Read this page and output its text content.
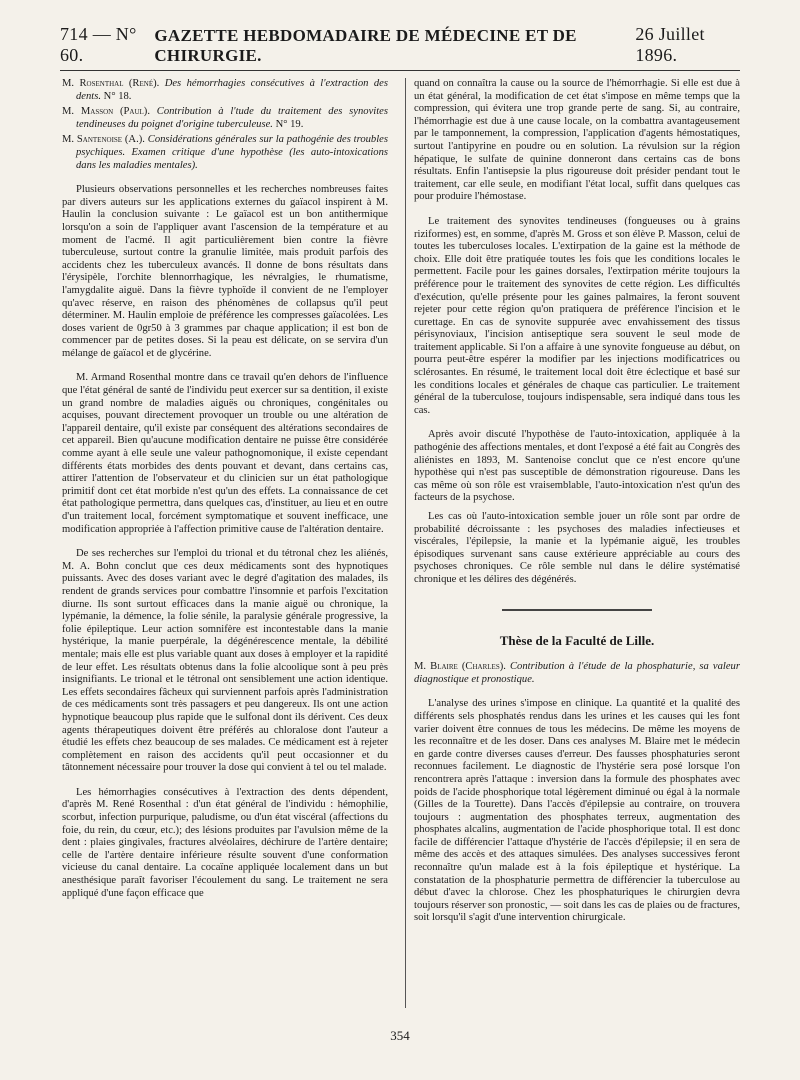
714 — N° 60.
GAZETTE HEBDOMADAIRE DE MÉDECINE ET DE CHIRURGIE.
26 Juillet 1896.

M. Rosenthal (René). Des hémorrhagies consécutives à l'extraction des dents. N° 18.

M. Masson (Paul). Contribution à l'tude du traitement des synovites tendineuses du poignet d'origine tuberculeuse. N° 19.

M. Santenoise (A.). Considérations générales sur la pathogénie des troubles psychiques. Examen critique d'une hypothèse (les auto-intoxications dans les maladies mentales).

Plusieurs observations personnelles et les recherches nombreuses faites par divers auteurs sur les applications externes du gaïacol inspirent à M. Haulin la conclusion suivante : Le gaïacol est un bon antithermique lorsqu'on a soin de l'appliquer avant l'ascension de la température et au moment de l'acmé. Il agit particulièrement bien contre la fièvre tuberculeuse, surtout contre la granulie limitée, mais produit parfois des accidents chez les tuberculeux avancés. Il donne de bons résultats dans l'érysipèle, l'orchite blennorrhagique, les névralgies, le rhumatisme, l'amygdalite aiguë. Dans la fièvre typhoïde il convient de ne l'employer qu'avec réserve, en raison des phénomènes de collapsus qu'il peut déterminer. M. Haulin emploie de préférence les compresses gaïacolées. Les doses varient de 0gr50 à 3 grammes par chaque application; il est bon de commencer par de petites doses. Si la peau est délicate, on se servira d'un mélange de gaïacol et de glycérine.

M. Armand Rosenthal montre dans ce travail qu'en dehors de l'influence que l'état général de santé de l'individu peut exercer sur sa dentition, il existe un grand nombre de maladies aiguës ou chroniques, congénitales ou acquises, pouvant directement provoquer un trouble ou une altération de l'appareil dentaire, qu'il existe par conséquent des altérations secondaires de cet appareil. Bien qu'aucune modification dentaire ne puisse être considérée comme ayant à elle seule une valeur pathognomonique, il existe cependant différents états morbides des dents pouvant et devant, dans certains cas, attirer l'attention de l'observateur et du clinicien sur un état pathologique primitif dont cet état morbide n'est qu'un des effets. La connaissance de cet état pathologique permettra, dans quelques cas, d'instituer, au lieu et en outre d'un traitement local, forcément symptomatique et souvent inefficace, une modification appropriée à l'affection primitive cause de l'altération dentaire.

De ses recherches sur l'emploi du trional et du tétronal chez les aliénés, M. A. Bohn conclut que ces deux médicaments sont des hypnotiques puissants. Avec des doses variant avec le degré d'agitation des malades, ils rendent de grands services pour combattre l'insomnie et parfois l'excitation diurne. Ils sont surtout efficaces dans la manie aiguë ou chronique, la lypémanie, la démence, la folie sénile, la paralysie générale progressive, la folie épileptique. Leur action somnifère est incontestable dans la manie hystérique, la manie puerpérale, la dégénérescence mentale, la débilité mentale; mais elle est plus variable quant aux doses à employer et la rapidité de leur effet. Les résultats obtenus dans la folie alcoolique sont à peu près insignifiants. Le trional et le tétronal ont sensiblement une action identique. Les effets secondaires fâcheux qui surviennent parfois après l'administration de ces médicaments sont très passagers et peu dangereux. Ils ont une action hypnotique beaucoup plus rapide que le sulfonal dont ils dérivent. Ces deux agents thérapeutiques doivent être préférés au chloralose dont l'auteur a étudié les effets chez beaucoup de ses malades. Ce médicament est à rejeter complètement en raison des accidents qu'il peut occasionner et du tâtonnement nécessaire pour trouver la dose qui convient à tel ou tel malade.

Les hémorrhagies consécutives à l'extraction des dents dépendent, d'après M. René Rosenthal : d'un état général de l'individu : hémophilie, scorbut, infection purpurique, paludisme, ou d'un état viscéral (affections du foie, du rein, du cœur, etc.); des lésions produites par l'avulsion même de la dent : plaies gingivales, fractures alvéolaires, déchirure de l'artère dentaire; celle de l'artère dentaire inférieure résulte souvent d'une conformation vicieuse du canal dentaire. La cocaïne appliquée localement dans un but anesthésique paraît favoriser l'écoulement du sang. Le traitement ne sera appliqué d'une façon efficace que

quand on connaîtra la cause ou la source de l'hémorrhagie. Si elle est due à un état général, la modification de cet état s'impose en même temps que la compression, qui évitera une trop grande perte de sang. Si, au contraire, l'hémorrhagie est due à une cause locale, on la combattra avantageusement par le tamponnement, la compression, l'application d'agents hémostatiques, surtout l'antipyrine en poudre ou en solution. La révulsion sur la région hépatique, le sulfate de quinine donneront dans certains cas de bons résultats. Enfin l'antisepsie la plus rigoureuse doit présider pendant tout le traitement, car elle seule, en modifiant l'état local, suffit dans quelques cas pour produire l'hémostase.

Le traitement des synovites tendineuses (fongueuses ou à grains riziformes) est, en somme, d'après M. Gross et son élève P. Masson, celui de toutes les tuberculoses locales. L'extirpation de la gaine est la méthode de choix. Elle doit être pratiquée toutes les fois que les conditions locales le permettent. Facile pour les gaines dorsales, l'extirpation mérite toujours la préférence pour le traitement des synovites de cette région. Les difficultés d'exécution, qu'elle présente pour les gaines palmaires, la feront souvent rejeter pour cette région qu'on pratiquera de préférence l'incision et le curettage. En cas de synovite suppurée avec envahissement des tissus périsynoviaux, l'incision antiseptique sera souvent le seul mode de traitement applicable. Si l'on a affaire à une synovite fongueuse au début, on pourra peut-être espérer la modifier par les injections modificatrices ou sclérosantes. En résumé, le traitement local doit être éclectique et basé sur les conditions locales et générales de chaque cas particulier. Le traitement général de la tuberculose, toujours indispensable, sera indiqué dans tous les cas.

Après avoir discuté l'hypothèse de l'auto-intoxication, appliquée à la pathogénie des affections mentales, et dont l'exposé a été fait au Congrès des aliénistes en 1893, M. Santenoise conclut que ce n'est encore qu'une hypothèse qui n'est pas susceptible de démonstration rigoureuse. Dans les cas même où son rôle est vraisemblable, l'auto-intoxication n'est qu'un des facteurs de la psychose.

Les cas où l'auto-intoxication semble jouer un rôle sont par ordre de probabilité décroissante : les psychoses des maladies infectieuses et viscérales, l'épilepsie, la manie et la lypémanie aiguë, les troubles épisodiques survenant sans cause extérieure appréciable au cours des psychoses chroniques. Ce rôle semble nul dans le délire systématisé chronique et les délires des dégénérés.

Thèse de la Faculté de Lille.

M. Blaire (Charles). Contribution à l'étude de la phosphaturie, sa valeur diagnostique et pronostique.

L'analyse des urines s'impose en clinique. La quantité et la qualité des différents sels phosphatés rendus dans les urines et les causes qui les font varier doivent être connues de tous les médecins. De même les moyens de les reconnaître et de les doser. Dans ces analyses M. Blaire met le médecin en garde contre diverses causes d'erreur. Des fausses phosphaturies seront reconnues facilement. Le diagnostic de l'hystérie sera posé lorsque l'on rencontrera après l'attaque : inversion dans la formule des phosphates avec poids de l'acide phosphorique total légèrement diminué ou égal à la normale (Gilles de la Tourette). Dans l'accès d'épilepsie au contraire, on trouvera toujours : augmentation des phosphates terreux, augmentation des phosphates alcalins, augmentation de l'acide phosphorique total. Il est donc facile de différencier l'attaque d'hystérie de l'accès d'épilepsie; il en sera de même des accès et des attaques simulées. Des analyses successives feront reconnaître qu'un malade est à la fois épileptique et hystérique. La constatation de la phosphaturie permettra de différencier la tuberculose au début d'avec la chlorose. Chez les phosphaturiques le chirurgien devra toujours réserver son pronostic, — soit dans les cas de plaies ou de fractures, soit lorsqu'il s'agit d'une intervention chirurgicale.

354
